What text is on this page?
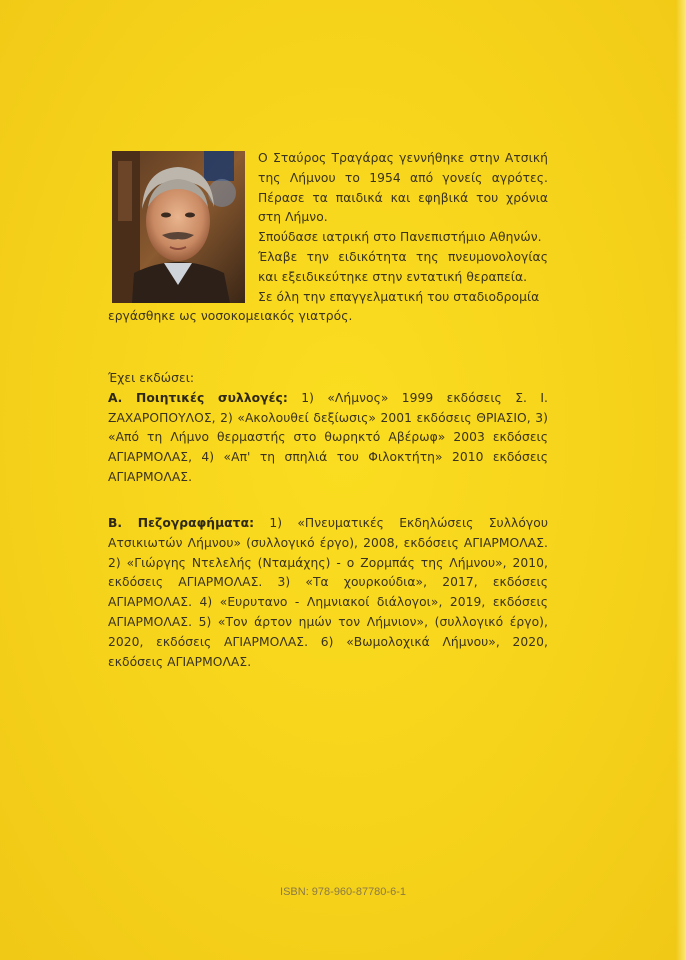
Ο Σταύρος Τραγάρας γεννήθηκε στην Ατσική της Λήμνου το 1954 από γονείς αγρότες. Πέρασε τα παιδικά και εφηβικά του χρόνια στη Λήμνο.

Σπούδασε ιατρική στο Πανεπιστήμιο Αθηνών.

Έλαβε την ειδικότητα της πνευμονολογίας και εξειδικεύτηκε στην εντατική θεραπεία.

Σε όλη την επαγγελματική του σταδιοδρομία εργάσθηκε ως νοσοκομειακός γιατρός.

Έχει εκδώσει:

Α. Ποιητικές συλλογές: 1) «Λήμνος» 1999 εκδόσεις Σ. Ι. ΖΑΧΑΡΟΠΟΥΛΟΣ, 2) «Ακολουθεί δεξίωσις» 2001 εκδόσεις ΘΡΙΑΣΙΟ, 3) «Από τη Λήμνο θερμαστής στο θωρηκτό Αβέρωφ» 2003 εκδόσεις ΑΓΙΑΡΜΟΛΑΣ, 4) «Απ' τη σπηλιά του Φιλοκτήτη» 2010 εκδόσεις ΑΓΙΑΡΜΟΛΑΣ.

Β. Πεζογραφήματα: 1) «Πνευματικές Εκδηλώσεις Συλλόγου Ατσικιωτών Λήμνου» (συλλογικό έργο), 2008, εκδόσεις ΑΓΙΑΡΜΟΛΑΣ. 2) «Γιώργης Ντελελής (Νταμάχης) - ο Ζορμπάς της Λήμνου», 2010, εκδόσεις ΑΓΙΑΡΜΟΛΑΣ. 3) «Τα χουρκούδια», 2017, εκδόσεις ΑΓΙΑΡΜΟΛΑΣ. 4) «Ευρυτανο - Λημνιακοί διάλογοι», 2019, εκδόσεις ΑΓΙΑΡΜΟΛΑΣ. 5) «Τον άρτον ημών τον Λήμνιον», (συλλογικό έργο), 2020, εκδόσεις ΑΓΙΑΡΜΟΛΑΣ. 6) «Βωμολοχικά Λήμνου», 2020, εκδόσεις ΑΓΙΑΡΜΟΛΑΣ.

ISBN: 978-960-87780-6-1
